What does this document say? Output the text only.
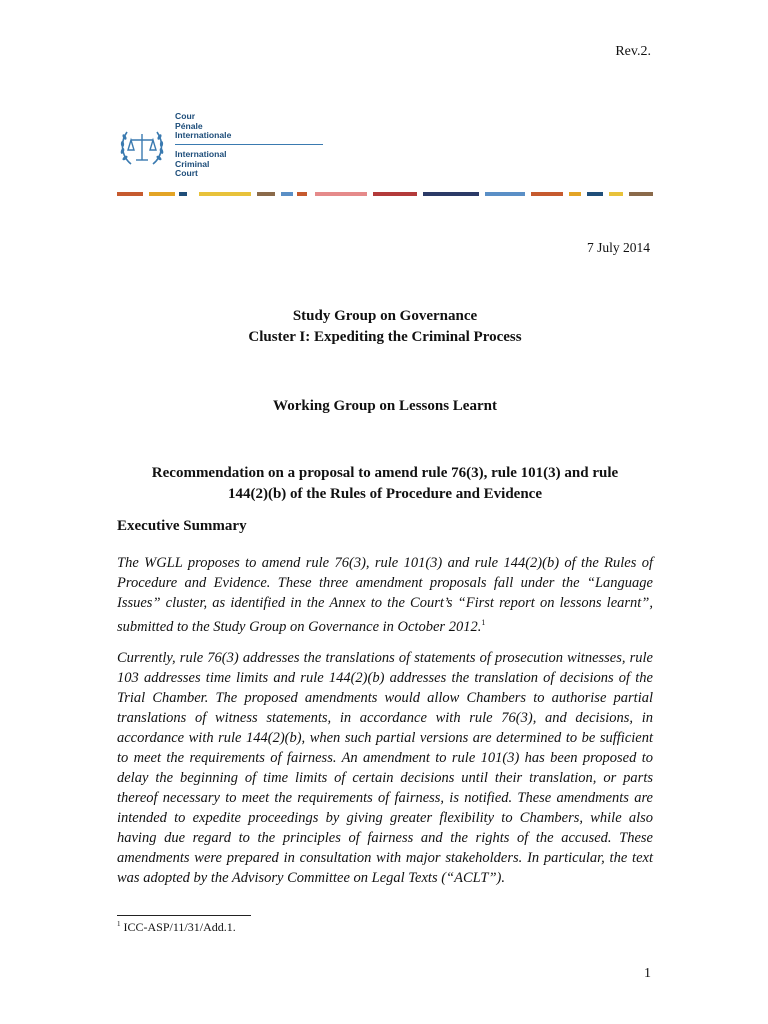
Rev.2.
Cour
Pénale
Internationale
International
Criminal
Court
7 July 2014
Study Group on Governance
Cluster I: Expediting the Criminal Process
Working Group on Lessons Learnt
Recommendation on a proposal to amend rule 76(3), rule 101(3) and rule
144(2)(b) of the Rules of Procedure and Evidence
Executive Summary

The WGLL proposes to amend rule 76(3), rule 101(3) and rule 144(2)(b) of the Rules of Procedure and Evidence. These three amendment proposals fall under the “Language Issues” cluster, as identified in the Annex to the Court’s “First report on lessons learnt”, submitted to the Study Group on Governance in October 2012.$^1$

Currently, rule 76(3) addresses the translations of statements of prosecution witnesses, rule 103 addresses time limits and rule 144(2)(b) addresses the translation of decisions of the Trial Chamber. The proposed amendments would allow Chambers to authorise partial translations of witness statements, in accordance with rule 76(3), and decisions, in accordance with rule 144(2)(b), when such partial versions are determined to be sufficient to meet the requirements of fairness. An amendment to rule 101(3) has been proposed to delay the beginning of time limits of certain decisions until their translation, or parts thereof necessary to meet the requirements of fairness, is notified. These amendments are intended to expedite proceedings by giving greater flexibility to Chambers, while also having due regard to the principles of fairness and the rights of the accused. These amendments were prepared in consultation with major stakeholders. In particular, the text was adopted by the Advisory Committee on Legal Texts (“ACLT”).

$^1$ ICC-ASP/11/31/Add.1.
1
